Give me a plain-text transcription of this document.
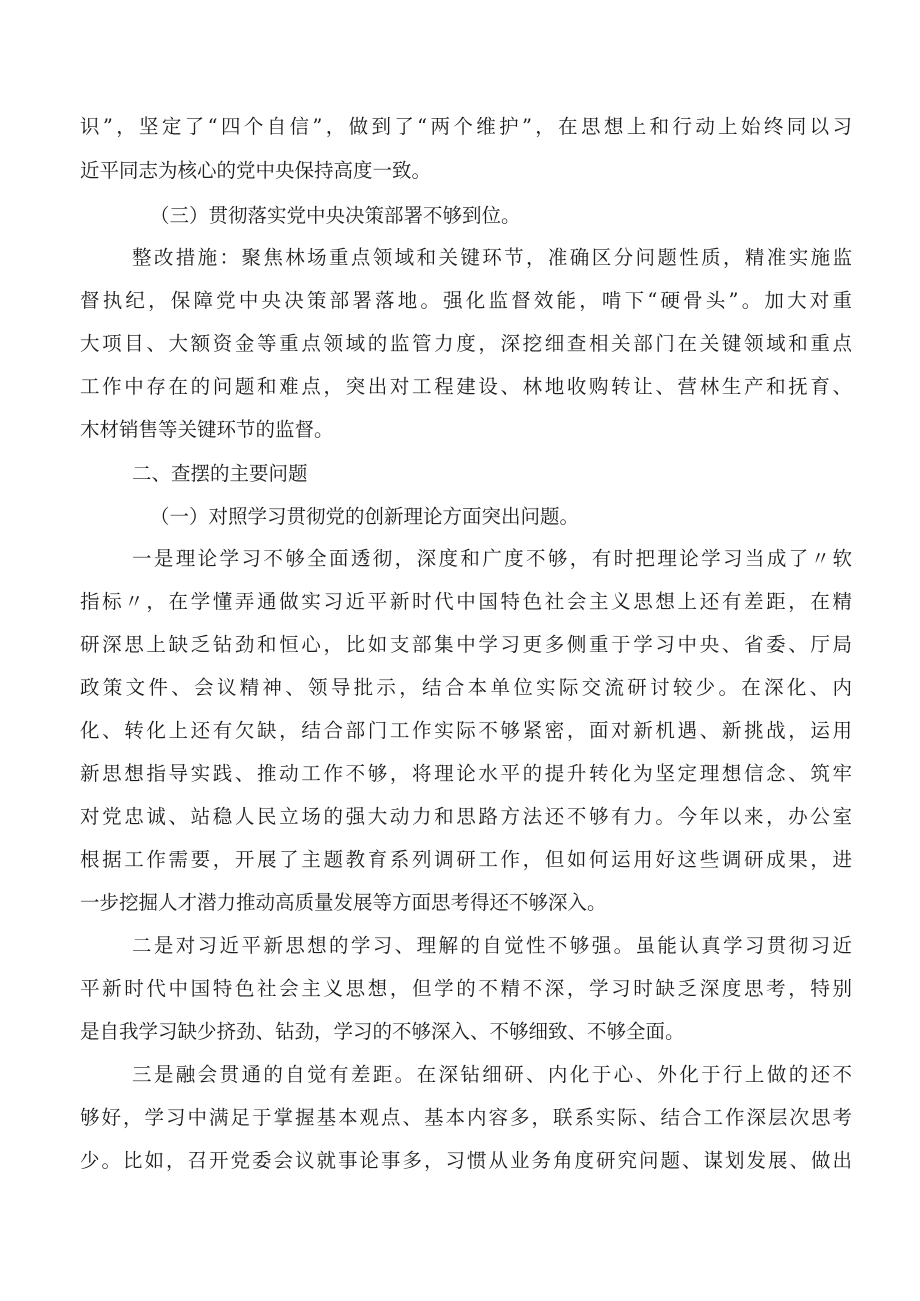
识”，坚定了“四个自信”，做到了“两个维护”，在思想上和行动上始终同以习
近平同志为核心的党中央保持高度一致。
（三）贯彻落实党中央决策部署不够到位。
整改措施：聚焦林场重点领域和关键环节，准确区分问题性质，精准实施监
督执纪，保障党中央决策部署落地。强化监督效能，啃下“硬骨头”。加大对重
大项目、大额资金等重点领域的监管力度，深挖细查相关部门在关键领域和重点
工作中存在的问题和难点，突出对工程建设、林地收购转让、营林生产和抚育、
木材销售等关键环节的监督。
二、查摆的主要问题
（一）对照学习贯彻党的创新理论方面突出问题。
一是理论学习不够全面透彻，深度和广度不够，有时把理论学习当成了〃软
指标〃，在学懂弄通做实习近平新时代中国特色社会主义思想上还有差距，在精
研深思上缺乏钻劲和恒心，比如支部集中学习更多侧重于学习中央、省委、厅局
政策文件、会议精神、领导批示，结合本单位实际交流研讨较少。在深化、内
化、转化上还有欠缺，结合部门工作实际不够紧密，面对新机遇、新挑战，运用
新思想指导实践、推动工作不够，将理论水平的提升转化为坚定理想信念、筑牢
对党忠诚、站稳人民立场的强大动力和思路方法还不够有力。今年以来，办公室
根据工作需要，开展了主题教育系列调研工作，但如何运用好这些调研成果，进
一步挖掘人才潜力推动高质量发展等方面思考得还不够深入。
二是对习近平新思想的学习、理解的自觉性不够强。虽能认真学习贯彻习近
平新时代中国特色社会主义思想，但学的不精不深，学习时缺乏深度思考，特别
是自我学习缺少挤劲、钻劲，学习的不够深入、不够细致、不够全面。
三是融会贯通的自觉有差距。在深钻细研、内化于心、外化于行上做的还不
够好，学习中满足于掌握基本观点、基本内容多，联系实际、结合工作深层次思考
少。比如，召开党委会议就事论事多，习惯从业务角度研究问题、谋划发展、做出
